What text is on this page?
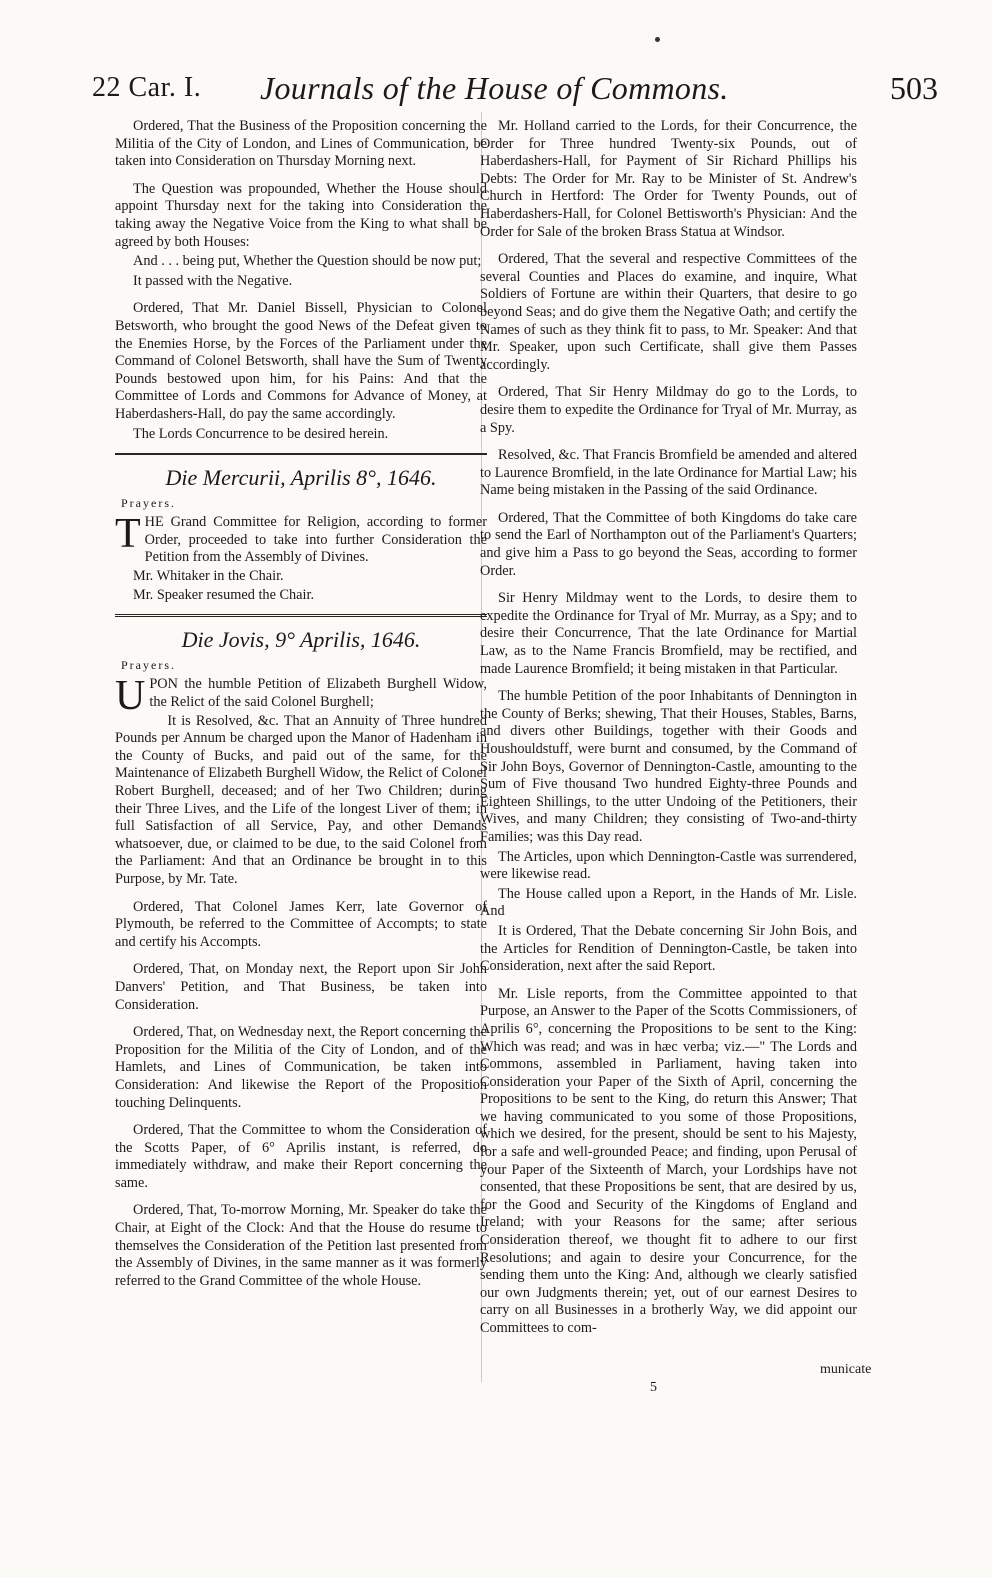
22 Car. I. Journals of the House of Commons.	503

Ordered, That the Business of the Proposition concerning the Militia of the City of London, and Lines of Communication, be taken into Consideration on Thursday Morning next.

The Question was propounded, Whether the House should appoint Thursday next for the taking into Consideration the taking away the Negative Voice from the King to what shall be agreed by both Houses:

And . . . being put, Whether the Question should be now put;

It passed with the Negative.

Ordered, That Mr. Daniel Bissell, Physician to Colonel Betsworth, who brought the good News of the Defeat given to the Enemies Horse, by the Forces of the Parliament under the Command of Colonel Betsworth, shall have the Sum of Twenty Pounds bestowed upon him, for his Pains: And that the Committee of Lords and Commons for Advance of Money, at Haberdashers-Hall, do pay the same accordingly.

The Lords Concurrence to be desired herein.

Die Mercurii, Aprilis 8°, 1646.
Prayers.

THE Grand Committee for Religion, according to former Order, proceeded to take into further Consideration the Petition from the Assembly of Divines.

Mr. Whitaker in the Chair.

Mr. Speaker resumed the Chair.

Die Jovis, 9° Aprilis, 1646.
Prayers.

UPON the humble Petition of Elizabeth Burghell Widow, the Relict of the said Colonel Burghell;

It is Resolved, &c. That an Annuity of Three hundred Pounds per Annum be charged upon the Manor of Hadenham in the County of Bucks, and paid out of the same, for the Maintenance of Elizabeth Burghell Widow, the Relict of Colonel Robert Burghell, deceased; and of her Two Children; during their Three Lives, and the Life of the longest Liver of them; in full Satisfaction of all Service, Pay, and other Demands whatsoever, due, or claimed to be due, to the said Colonel from the Parliament: And that an Ordinance be brought in to this Purpose, by Mr. Tate.

Ordered, That Colonel James Kerr, late Governor of Plymouth, be referred to the Committee of Accompts; to state and certify his Accompts.

Ordered, That, on Monday next, the Report upon Sir John Danvers' Petition, and That Business, be taken into Consideration.

Ordered, That, on Wednesday next, the Report concerning the Proposition for the Militia of the City of London, and of the Hamlets, and Lines of Communication, be taken into Consideration: And likewise the Report of the Proposition touching Delinquents.

Ordered, That the Committee to whom the Consideration of the Scotts Paper, of 6° Aprilis instant, is referred, do immediately withdraw, and make their Report concerning the same.

Ordered, That, To-morrow Morning, Mr. Speaker do take the Chair, at Eight of the Clock: And that the House do resume to themselves the Consideration of the Petition last presented from the Assembly of Divines, in the same manner as it was formerly referred to the Grand Committee of the whole House.

Mr. Holland carried to the Lords, for their Concurrence, the Order for Three hundred Twenty-six Pounds, out of Haberdashers-Hall, for Payment of Sir Richard Phillips his Debts: The Order for Mr. Ray to be Minister of St. Andrew's Church in Hertford: The Order for Twenty Pounds, out of Haberdashers-Hall, for Colonel Bettisworth's Physician: And the Order for Sale of the broken Brass Statua at Windsor.

Ordered, That the several and respective Committees of the several Counties and Places do examine, and inquire, What Soldiers of Fortune are within their Quarters, that desire to go beyond Seas; and do give them the Negative Oath; and certify the Names of such as they think fit to pass, to Mr. Speaker: And that Mr. Speaker, upon such Certificate, shall give them Passes accordingly.

Ordered, That Sir Henry Mildmay do go to the Lords, to desire them to expedite the Ordinance for Tryal of Mr. Murray, as a Spy.

Resolved, &c. That Francis Bromfield be amended and altered to Laurence Bromfield, in the late Ordinance for Martial Law; his Name being mistaken in the Passing of the said Ordinance.

Ordered, That the Committee of both Kingdoms do take care to send the Earl of Northampton out of the Parliament's Quarters; and give him a Pass to go beyond the Seas, according to former Order.

Sir Henry Mildmay went to the Lords, to desire them to expedite the Ordinance for Tryal of Mr. Murray, as a Spy; and to desire their Concurrence, That the late Ordinance for Martial Law, as to the Name Francis Bromfield, may be rectified, and made Laurence Bromfield; it being mistaken in that Particular.

The humble Petition of the poor Inhabitants of Dennington in the County of Berks; shewing, That their Houses, Stables, Barns, and divers other Buildings, together with their Goods and Houshouldstuff, were burnt and consumed, by the Command of Sir John Boys, Governor of Dennington-Castle, amounting to the Sum of Five thousand Two hundred Eighty-three Pounds and Eighteen Shillings, to the utter Undoing of the Petitioners, their Wives, and many Children; they consisting of Two-and-thirty Families; was this Day read.

The Articles, upon which Dennington-Castle was surrendered, were likewise read.

The House called upon a Report, in the Hands of Mr. Lisle. And

It is Ordered, That the Debate concerning Sir John Bois, and the Articles for Rendition of Dennington-Castle, be taken into Consideration, next after the said Report.

Mr. Lisle reports, from the Committee appointed to that Purpose, an Answer to the Paper of the Scotts Commissioners, of Aprilis 6°, concerning the Propositions to be sent to the King: Which was read; and was in hæc verba; viz.—" The Lords and Commons, assembled in Parliament, having taken into Consideration your Paper of the Sixth of April, concerning the Propositions to be sent to the King, do return this Answer; That we having communicated to you some of those Propositions, which we desired, for the present, should be sent to his Majesty, for a safe and well-grounded Peace; and finding, upon Perusal of your Paper of the Sixteenth of March, your Lordships have not consented, that these Propositions be sent, that are desired by us, for the Good and Security of the Kingdoms of England and Ireland; with your Reasons for the same; after serious Consideration thereof, we thought fit to adhere to our first Resolutions; and again to desire your Concurrence, for the sending them unto the King: And, although we clearly satisfied our own Judgments therein; yet, out of our earnest Desires to carry on all Businesses in a brotherly Way, we did appoint our Committees to com-

municate
5
